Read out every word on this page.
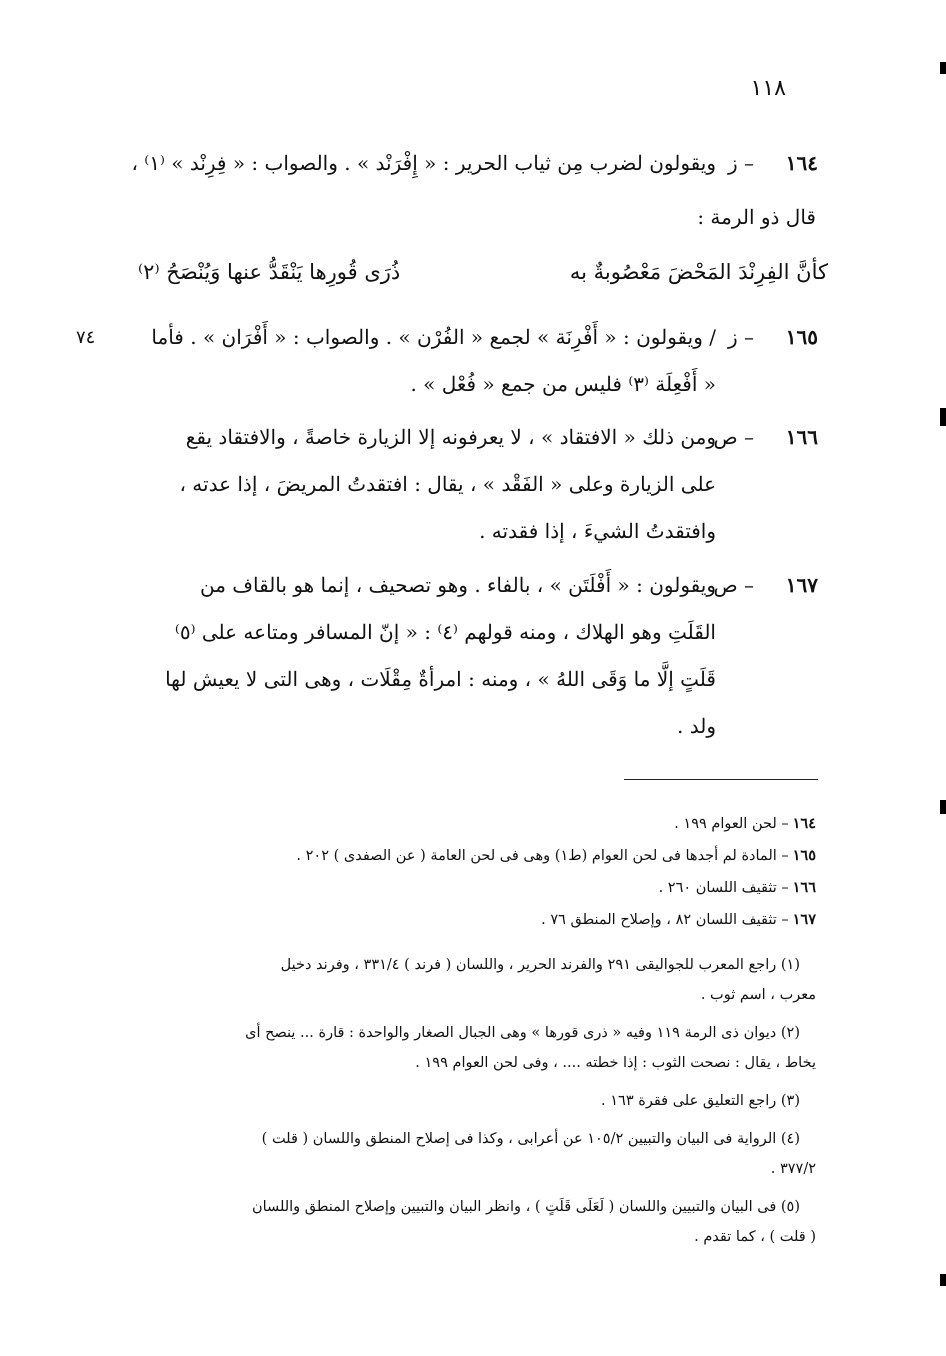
١١٨
١٦٤
– ز
ويقولون لضرب مِن ثياب الحرير : « إِفْرَنْد » . والصواب : « فِرِنْد » ⁽١⁾ ،
قال ذو الرمة :
كأنَّ الفِرِنْدَ المَحْضَ مَعْصُوبةٌ به
ذُرَى قُورِها يَنْقَدُّ عنها وَيُنْصَحُ ⁽٢⁾
١٦٥
– ز
٧٤	/ ويقولون : « أَفْرِنَة » لجمع « الفُرْن » . والصواب : « أَفْرَان » . فأما
« أَفْعِلَة ⁽٣⁾ فليس من جمع « فُعْل » .
١٦٦
– ص
ومن ذلك « الافتقاد » ، لا يعرفونه إلا الزيارة خاصةً ، والافتقاد يقع
على الزيارة وعلى « الفَقْد » ، يقال : افتقدتُ المريضَ ، إذا عدته ،
وافتقدتُ الشيءَ ، إذا فقدته .
١٦٧
– ص
ويقولون : « أَفْلَتَن » ، بالفاء . وهو تصحيف ، إنما هو بالقاف من
القَلَتِ وهو الهلاك ، ومنه قولهم ⁽٤⁾ : « إنّ المسافر ومتاعه على ⁽٥⁾
قَلَتٍ إلَّا ما وَقَى اللهُ » ، ومنه : امرأةٌ مِقْلَات ، وهى التى لا يعيش لها
ولد .
١٦٤– لحن العوام ١٩٩ .
١٦٥– المادة لم أجدها فى لحن العوام (ط١) وهى فى لحن العامة ( عن الصفدى ) ٢٠٢ .
١٦٦– تثقيف اللسان ٢٦٠ .
١٦٧– تثقيف اللسان ٨٢ ، وإصلاح المنطق ٧٦ .
(١) راجع المعرب للجواليقى ٢٩١ والفرند الحرير ، واللسان ( فرند ) ٣٣١/٤ ، وفرند دخيل
معرب ، اسم ثوب .
(٢) ديوان ذى الرمة ١١٩ وفيه « ذرى قورها » وهى الجبال الصغار والواحدة : قارة ... ينصح أى
يخاط ، يقال : نصحت الثوب : إذا خطته .... ، وفى لحن العوام ١٩٩ .
(٣) راجع التعليق على فقرة ١٦٣ .
(٤) الرواية فى البيان والتبيين ١٠٥/٢ عن أعرابى ، وكذا فى إصلاح المنطق واللسان ( قلت )
٣٧٧/٢ .
(٥) فى البيان والتبيين واللسان ( لَعَلَى قَلَتٍ ) ، وانظر البيان والتبيين وإصلاح المنطق واللسان
( قلت ) ، كما تقدم .
